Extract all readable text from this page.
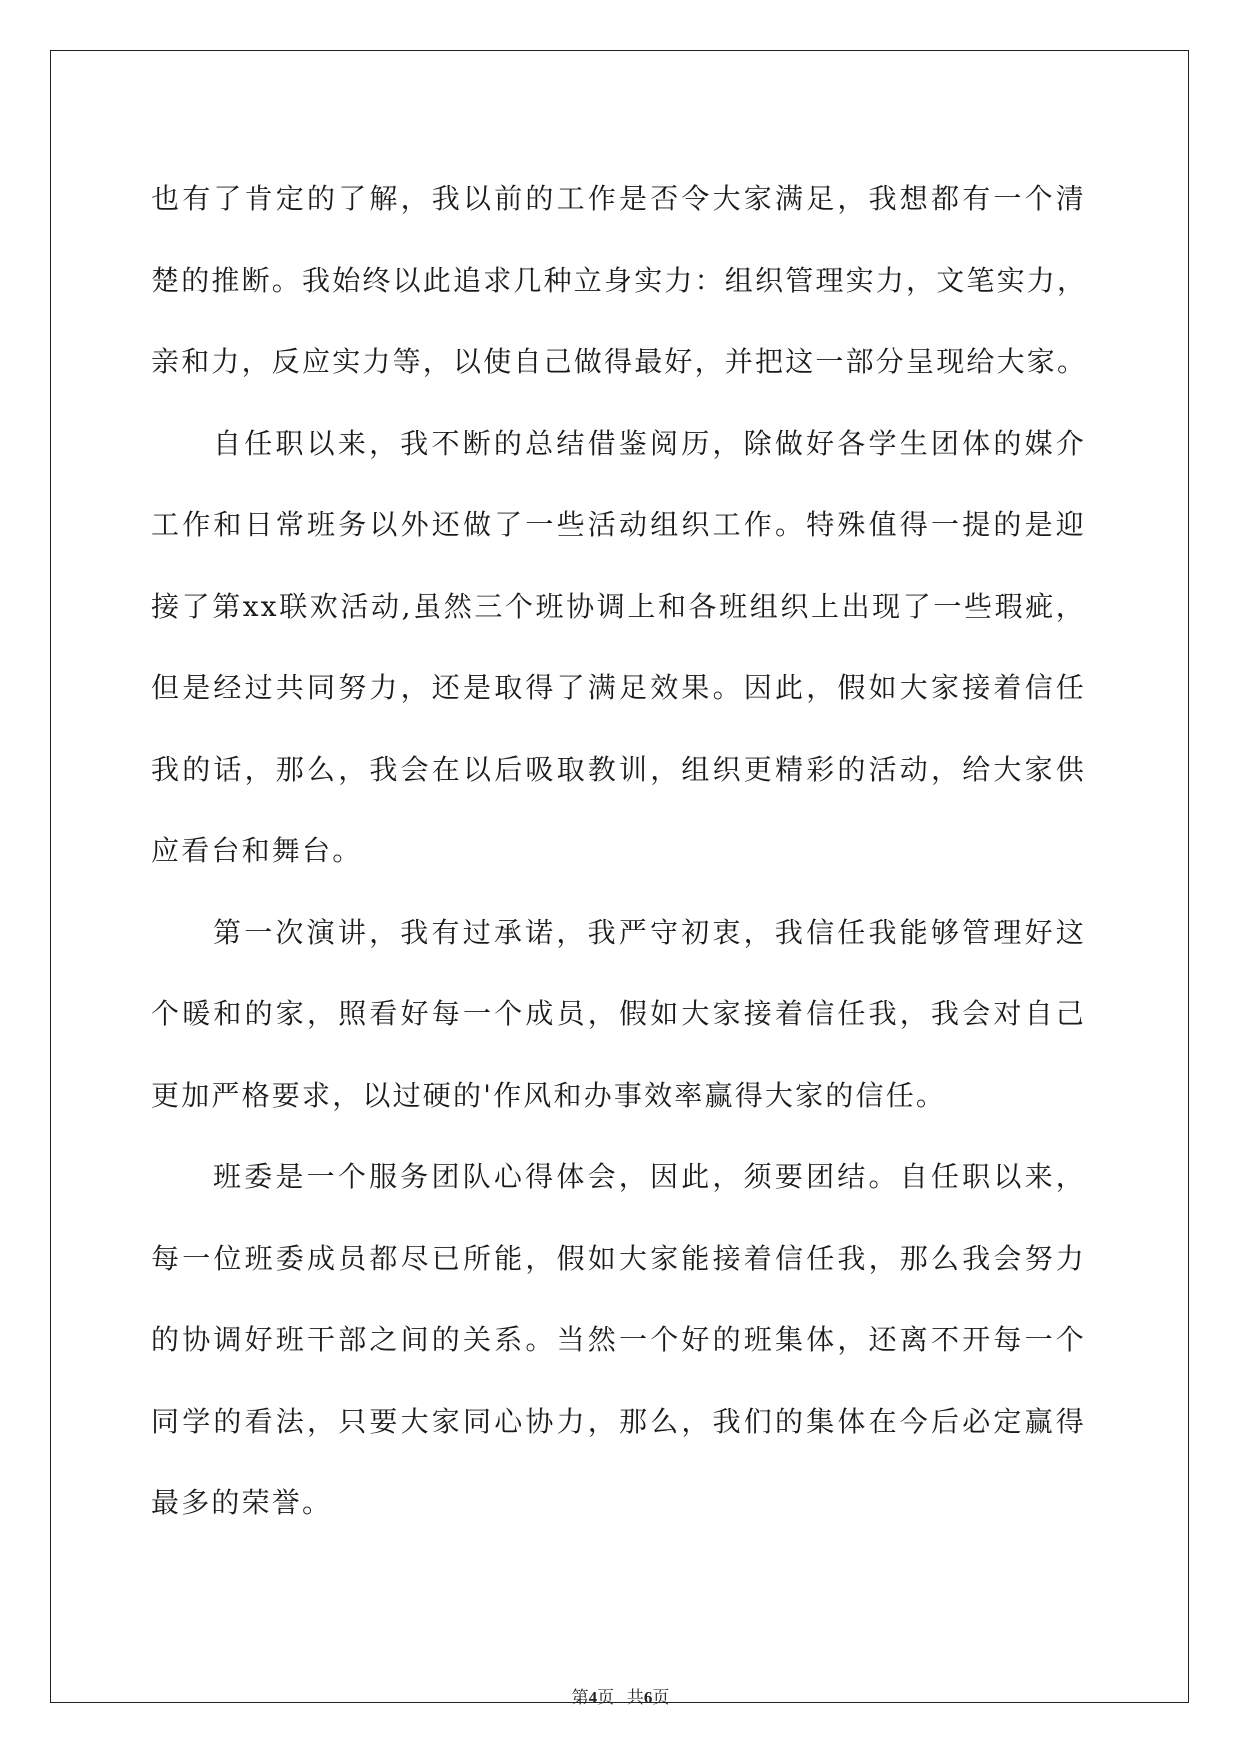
也有了肯定的了解，我以前的工作是否令大家满足，我想都有一个清
楚的推断。我始终以此追求几种立身实力：组织管理实力，文笔实力，
亲和力，反应实力等，以使自己做得最好，并把这一部分呈现给大家。

自任职以来，我不断的总结借鉴阅历，除做好各学生团体的媒介
工作和日常班务以外还做了一些活动组织工作。特殊值得一提的是迎
接了第xx联欢活动,虽然三个班协调上和各班组织上出现了一些瑕疵，
但是经过共同努力，还是取得了满足效果。因此，假如大家接着信任
我的话，那么，我会在以后吸取教训，组织更精彩的活动，给大家供
应看台和舞台。

第一次演讲，我有过承诺，我严守初衷，我信任我能够管理好这
个暖和的家，照看好每一个成员，假如大家接着信任我，我会对自己
更加严格要求，以过硬的'作风和办事效率赢得大家的信任。

班委是一个服务团队心得体会，因此，须要团结。自任职以来，
每一位班委成员都尽已所能，假如大家能接着信任我，那么我会努力
的协调好班干部之间的关系。当然一个好的班集体，还离不开每一个
同学的看法，只要大家同心协力，那么，我们的集体在今后必定赢得
最多的荣誉。

第4页   共6页
